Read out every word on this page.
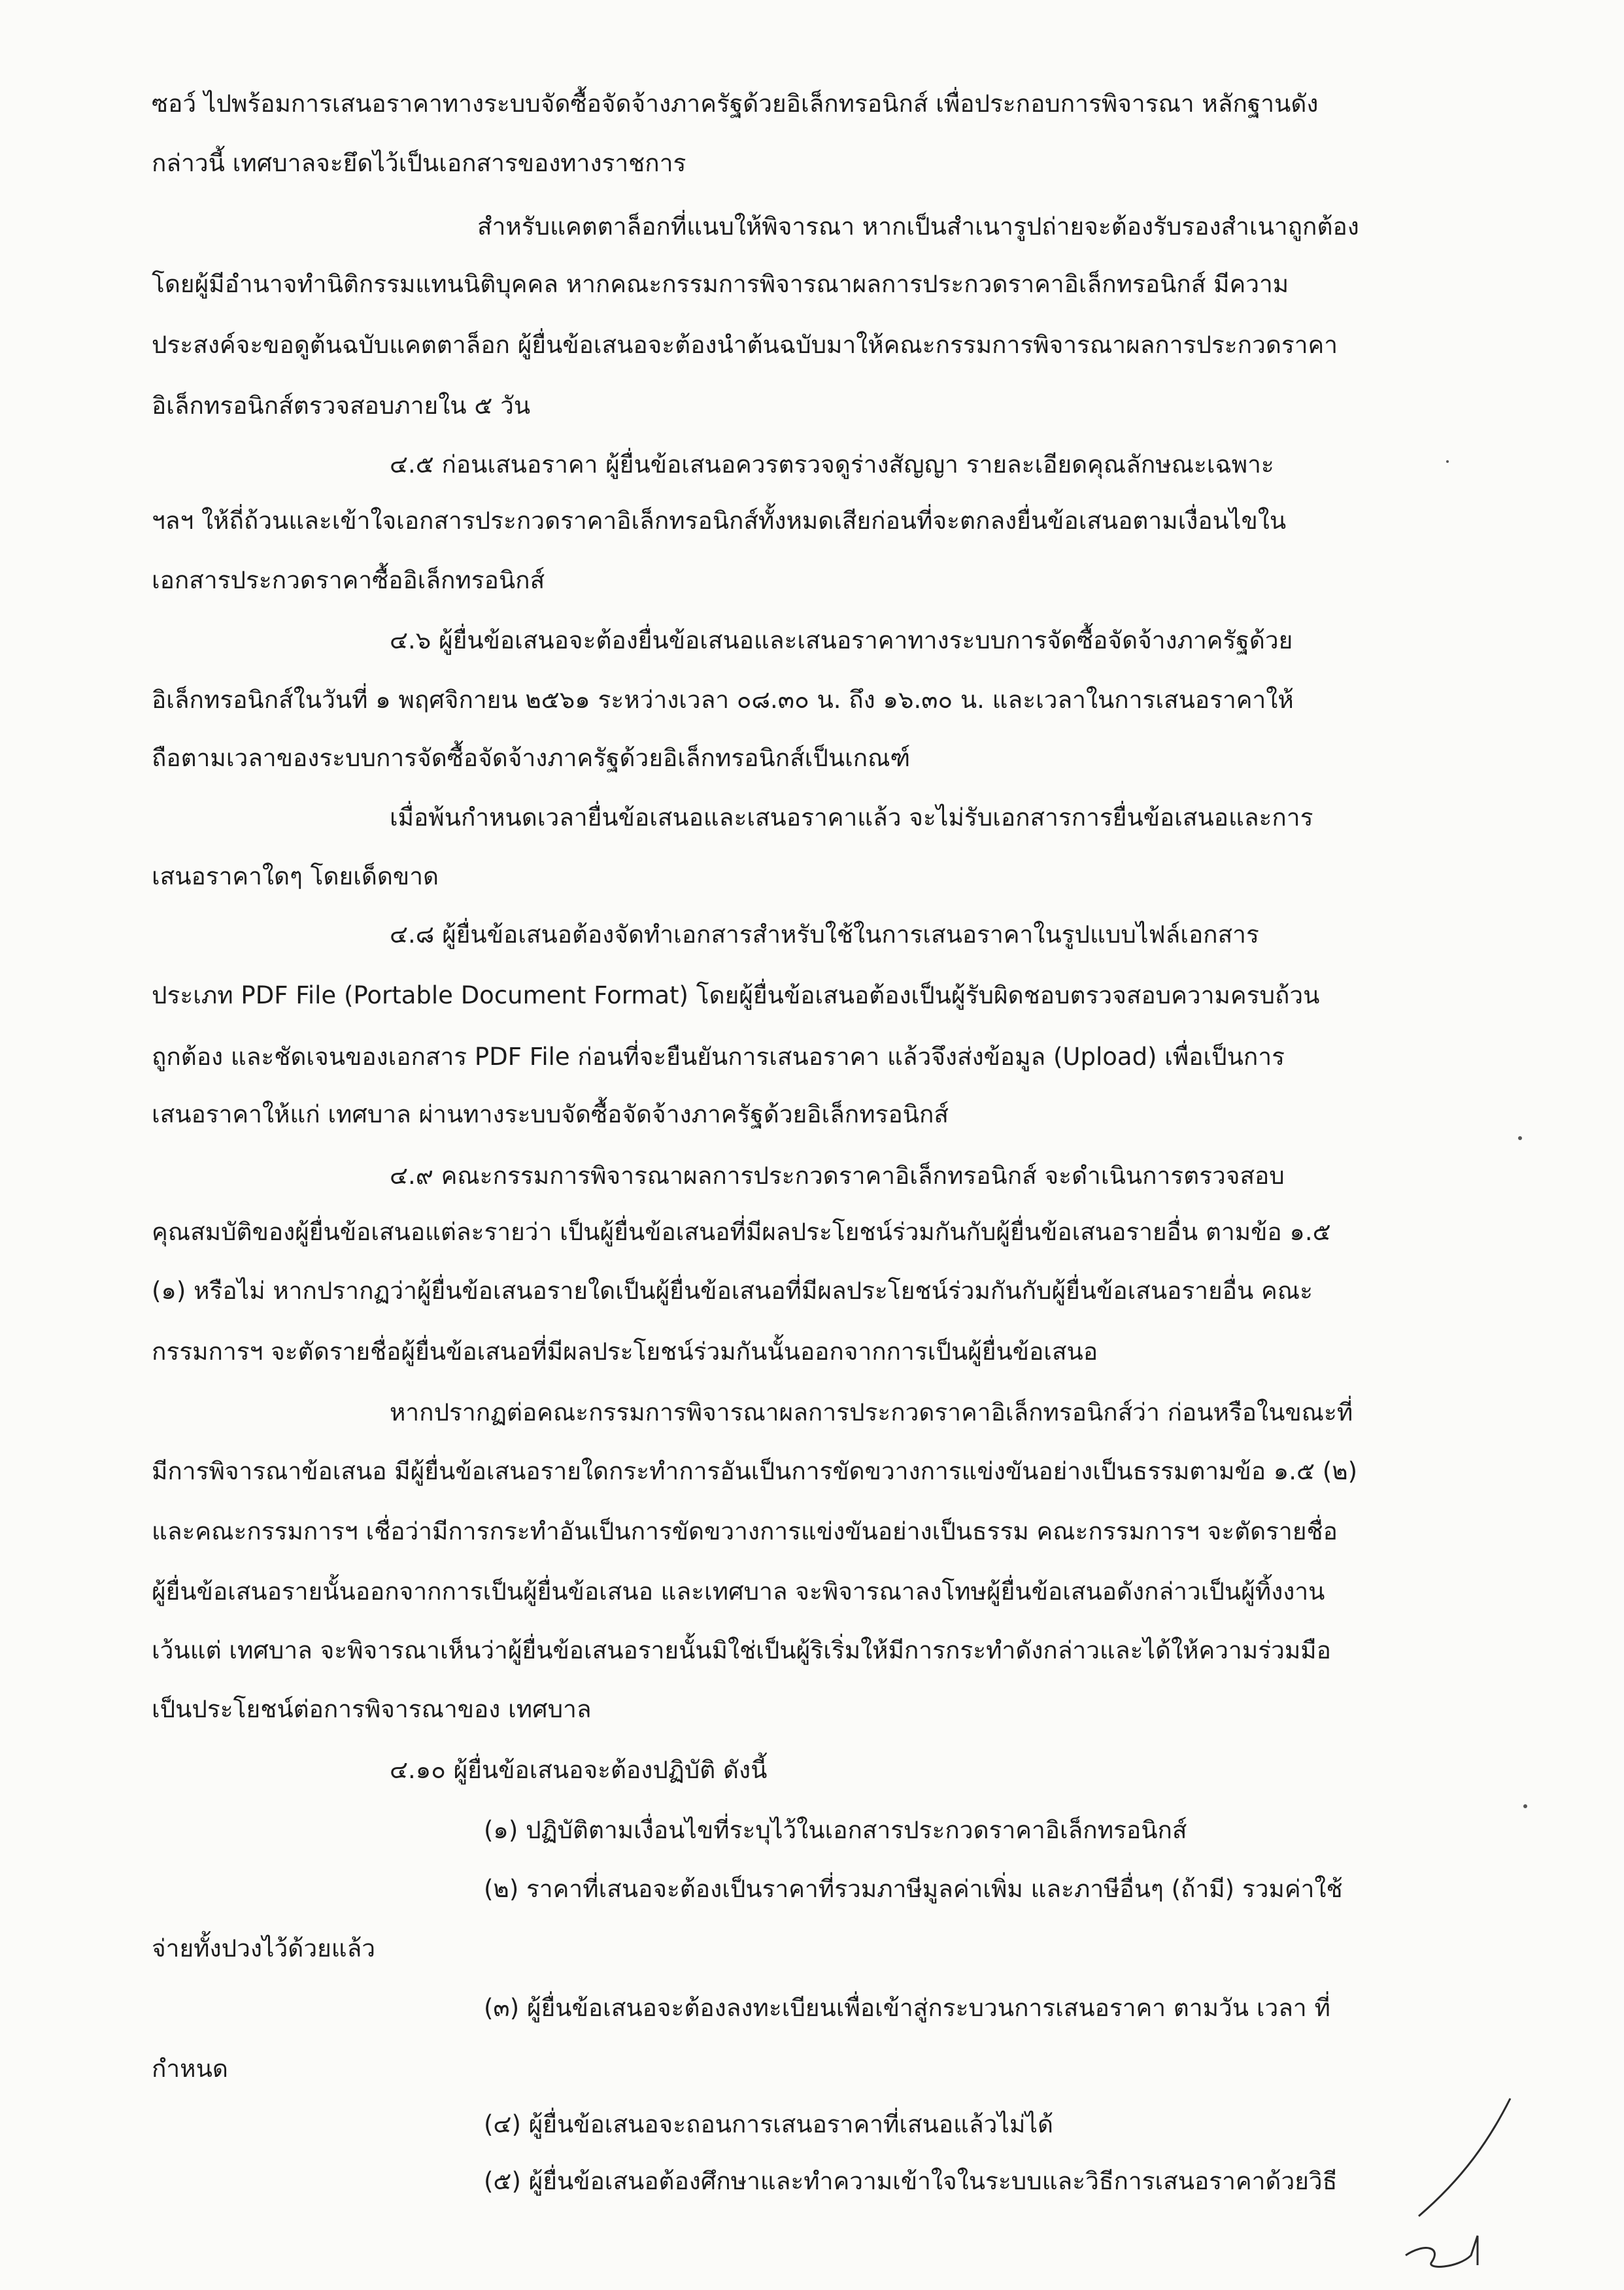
ซอว์ ไปพร้อมการเสนอราคาทางระบบจัดซื้อจัดจ้างภาครัฐด้วยอิเล็กทรอนิกส์ เพื่อประกอบการพิจารณา หลักฐานดัง

กล่าวนี้ เทศบาลจะยึดไว้เป็นเอกสารของทางราชการ

สำหรับแคตตาล็อกที่แนบให้พิจารณา หากเป็นสำเนารูปถ่ายจะต้องรับรองสำเนาถูกต้อง

โดยผู้มีอำนาจทำนิติกรรมแทนนิติบุคคล หากคณะกรรมการพิจารณาผลการประกวดราคาอิเล็กทรอนิกส์ มีความ

ประสงค์จะขอดูต้นฉบับแคตตาล็อก ผู้ยื่นข้อเสนอจะต้องนำต้นฉบับมาให้คณะกรรมการพิจารณาผลการประกวดราคา

อิเล็กทรอนิกส์ตรวจสอบภายใน ๕ วัน

๔.๕ ก่อนเสนอราคา ผู้ยื่นข้อเสนอควรตรวจดูร่างสัญญา รายละเอียดคุณลักษณะเฉพาะ

ฯลฯ ให้ถี่ถ้วนและเข้าใจเอกสารประกวดราคาอิเล็กทรอนิกส์ทั้งหมดเสียก่อนที่จะตกลงยื่นข้อเสนอตามเงื่อนไขใน

เอกสารประกวดราคาซื้ออิเล็กทรอนิกส์

๔.๖ ผู้ยื่นข้อเสนอจะต้องยื่นข้อเสนอและเสนอราคาทางระบบการจัดซื้อจัดจ้างภาครัฐด้วย

อิเล็กทรอนิกส์ในวันที่ ๑ พฤศจิกายน ๒๕๖๑ ระหว่างเวลา ๐๘.๓๐ น. ถึง ๑๖.๓๐ น. และเวลาในการเสนอราคาให้

ถือตามเวลาของระบบการจัดซื้อจัดจ้างภาครัฐด้วยอิเล็กทรอนิกส์เป็นเกณฑ์

เมื่อพ้นกำหนดเวลายื่นข้อเสนอและเสนอราคาแล้ว จะไม่รับเอกสารการยื่นข้อเสนอและการ

เสนอราคาใดๆ โดยเด็ดขาด

๔.๘ ผู้ยื่นข้อเสนอต้องจัดทำเอกสารสำหรับใช้ในการเสนอราคาในรูปแบบไฟล์เอกสาร

ประเภท PDF File (Portable Document Format) โดยผู้ยื่นข้อเสนอต้องเป็นผู้รับผิดชอบตรวจสอบความครบถ้วน

ถูกต้อง และชัดเจนของเอกสาร PDF File ก่อนที่จะยืนยันการเสนอราคา แล้วจึงส่งข้อมูล (Upload) เพื่อเป็นการ

เสนอราคาให้แก่ เทศบาล ผ่านทางระบบจัดซื้อจัดจ้างภาครัฐด้วยอิเล็กทรอนิกส์

๔.๙ คณะกรรมการพิจารณาผลการประกวดราคาอิเล็กทรอนิกส์ จะดำเนินการตรวจสอบ

คุณสมบัติของผู้ยื่นข้อเสนอแต่ละรายว่า เป็นผู้ยื่นข้อเสนอที่มีผลประโยชน์ร่วมกันกับผู้ยื่นข้อเสนอรายอื่น ตามข้อ ๑.๕

(๑) หรือไม่ หากปรากฏว่าผู้ยื่นข้อเสนอรายใดเป็นผู้ยื่นข้อเสนอที่มีผลประโยชน์ร่วมกันกับผู้ยื่นข้อเสนอรายอื่น คณะ

กรรมการฯ จะตัดรายชื่อผู้ยื่นข้อเสนอที่มีผลประโยชน์ร่วมกันนั้นออกจากการเป็นผู้ยื่นข้อเสนอ

หากปรากฏต่อคณะกรรมการพิจารณาผลการประกวดราคาอิเล็กทรอนิกส์ว่า ก่อนหรือในขณะที่

มีการพิจารณาข้อเสนอ มีผู้ยื่นข้อเสนอรายใดกระทำการอันเป็นการขัดขวางการแข่งขันอย่างเป็นธรรมตามข้อ ๑.๕ (๒)

และคณะกรรมการฯ เชื่อว่ามีการกระทำอันเป็นการขัดขวางการแข่งขันอย่างเป็นธรรม คณะกรรมการฯ จะตัดรายชื่อ

ผู้ยื่นข้อเสนอรายนั้นออกจากการเป็นผู้ยื่นข้อเสนอ และเทศบาล จะพิจารณาลงโทษผู้ยื่นข้อเสนอดังกล่าวเป็นผู้ทิ้งงาน

เว้นแต่ เทศบาล จะพิจารณาเห็นว่าผู้ยื่นข้อเสนอรายนั้นมิใช่เป็นผู้ริเริ่มให้มีการกระทำดังกล่าวและได้ให้ความร่วมมือ

เป็นประโยชน์ต่อการพิจารณาของ เทศบาล

๔.๑๐ ผู้ยื่นข้อเสนอจะต้องปฏิบัติ ดังนี้

(๑) ปฏิบัติตามเงื่อนไขที่ระบุไว้ในเอกสารประกวดราคาอิเล็กทรอนิกส์

(๒) ราคาที่เสนอจะต้องเป็นราคาที่รวมภาษีมูลค่าเพิ่ม และภาษีอื่นๆ (ถ้ามี) รวมค่าใช้

จ่ายทั้งปวงไว้ด้วยแล้ว

(๓) ผู้ยื่นข้อเสนอจะต้องลงทะเบียนเพื่อเข้าสู่กระบวนการเสนอราคา ตามวัน เวลา ที่

กำหนด

(๔) ผู้ยื่นข้อเสนอจะถอนการเสนอราคาที่เสนอแล้วไม่ได้

(๕) ผู้ยื่นข้อเสนอต้องศึกษาและทำความเข้าใจในระบบและวิธีการเสนอราคาด้วยวิธี
